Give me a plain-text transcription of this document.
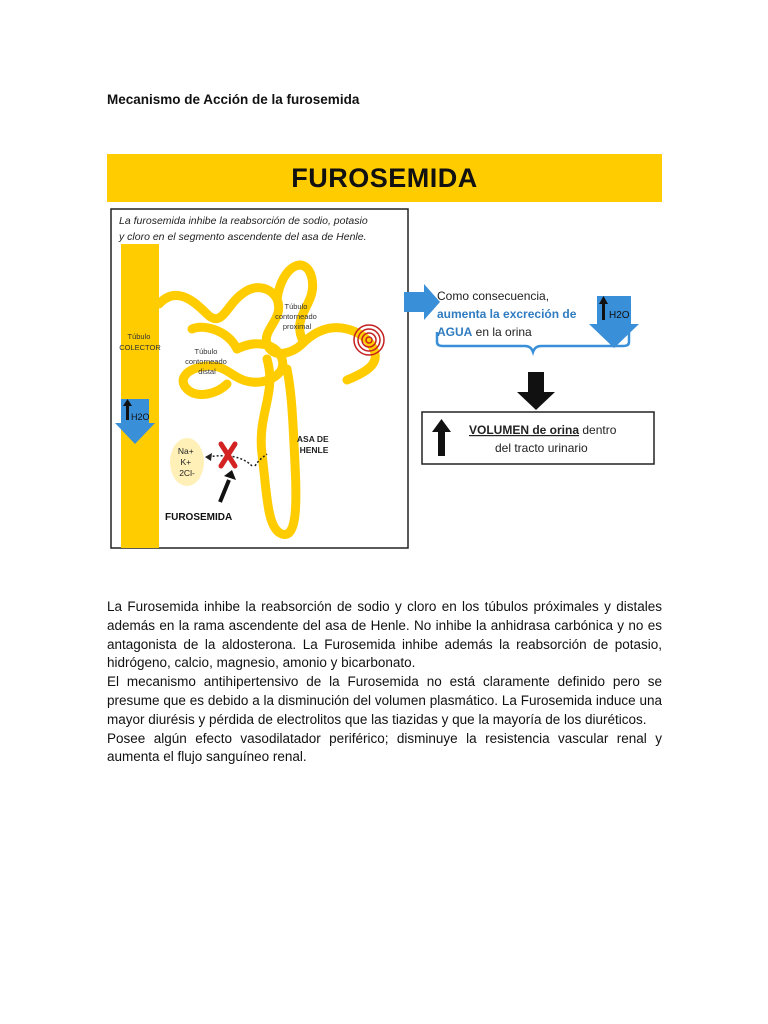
Mecanismo de Acción de la furosemida
FUROSEMIDA
La furosemida inhibe la reabsorción de sodio, potasio
y cloro en el segmento ascendente del asa de Henle.
Túbulo COLECTOR
Túbulo contorneado proximal
Túbulo contorneado distal
ASA DE HENLE
H2O
Na+ K+ 2Cl-
FUROSEMIDA
Como consecuencia,
aumenta la excreción de
AGUA en la orina
H2O
VOLUMEN de orina dentro
del tracto urinario

La Furosemida inhibe la reabsorción de sodio y cloro en los túbulos próximales y distales además en la rama ascendente del asa de Henle. No inhibe la anhidrasa carbónica y no es antagonista de la aldosterona. La Furosemida inhibe además la reabsorción de potasio, hidrógeno, calcio, magnesio, amonio y bicarbonato.

El mecanismo antihipertensivo de la Furosemida no está claramente definido pero se presume que es debido a la disminución del volumen plasmático. La Furosemida induce una mayor diurésis y pérdida de electrolitos que las tiazidas y que la mayoría de los diuréticos.

Posee algún efecto vasodilatador periférico; disminuye la resistencia vascular renal y aumenta el flujo sanguíneo renal.
